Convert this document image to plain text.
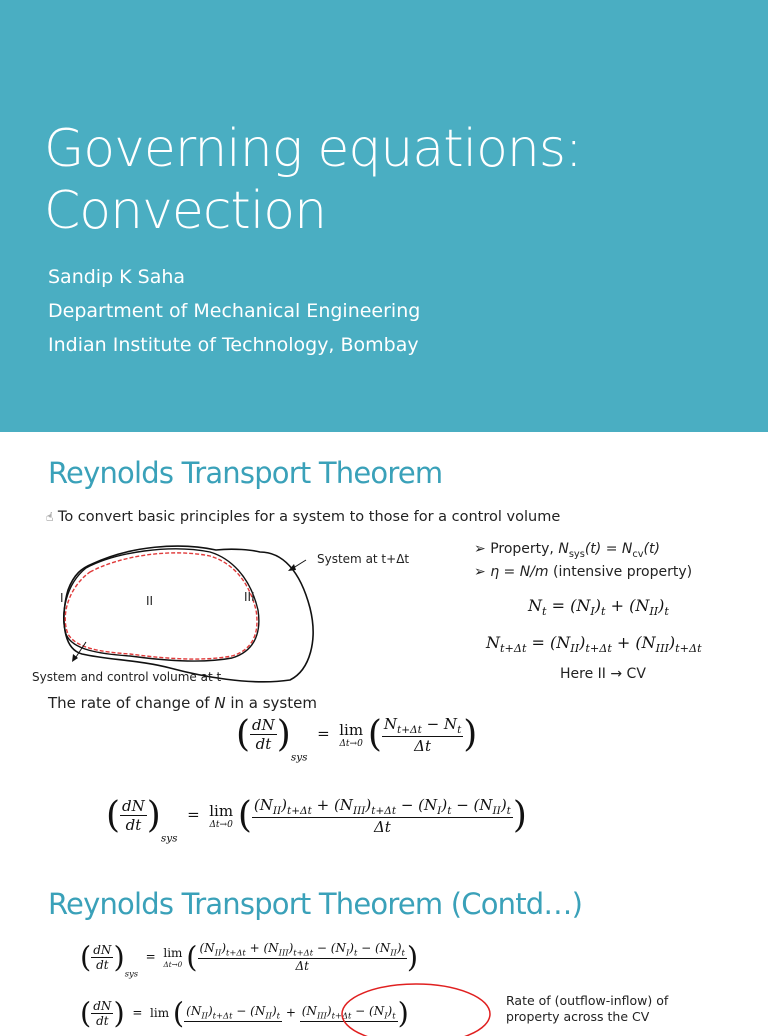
Governing equations:
Convection
Sandip K Saha
Department of Mechanical Engineering
Indian Institute of Technology, Bombay
Reynolds Transport Theorem
☝ To convert basic principles for a system to those for a control volume
I	II	III
System at t+Δt
System and control volume at t
➢ Property, $N_{sys}(t) = N_{cv}(t)$
➢ η = N/m (intensive property)
$N_t = (N_I)_t + (N_{II})_t$
$N_{t+\Delta t} = (N_{II})_{t+\Delta t} + (N_{III})_{t+\Delta t}$
Here II → CV
The rate of change of N in a system
( $\frac{dN}{dt} )_{sys} = \lim$
Δt→0 ( $\frac{N_{t+\Delta t} - N_t}{\Delta t}$ )
( $\frac{dN}{dt} )_{sys} = \lim$
Δt→0 ( $\frac{(N_{II})_{t+\Delta t} + (N_{III})_{t+\Delta t} - (N_I)_t - (N_{II})_t}{\Delta t}$ )
Reynolds Transport Theorem (Contd…)
( $\frac{dN}{dt} )_{sys} = \lim$
Δt→0 ( $\frac{(N_{II})_{t+\Delta t} + (N_{III})_{t+\Delta t} - (N_I)_t - (N_{II})_t}{\Delta t}$ )
( $\frac{dN}{dt}$ )  =  lim ( $(N_{II})_{t+\Delta t} - (N_{II})_t + (N_{III})_{t+\Delta t} - (N_I)_t$ )	Rate of (outflow-inflow) of
property across the CV
